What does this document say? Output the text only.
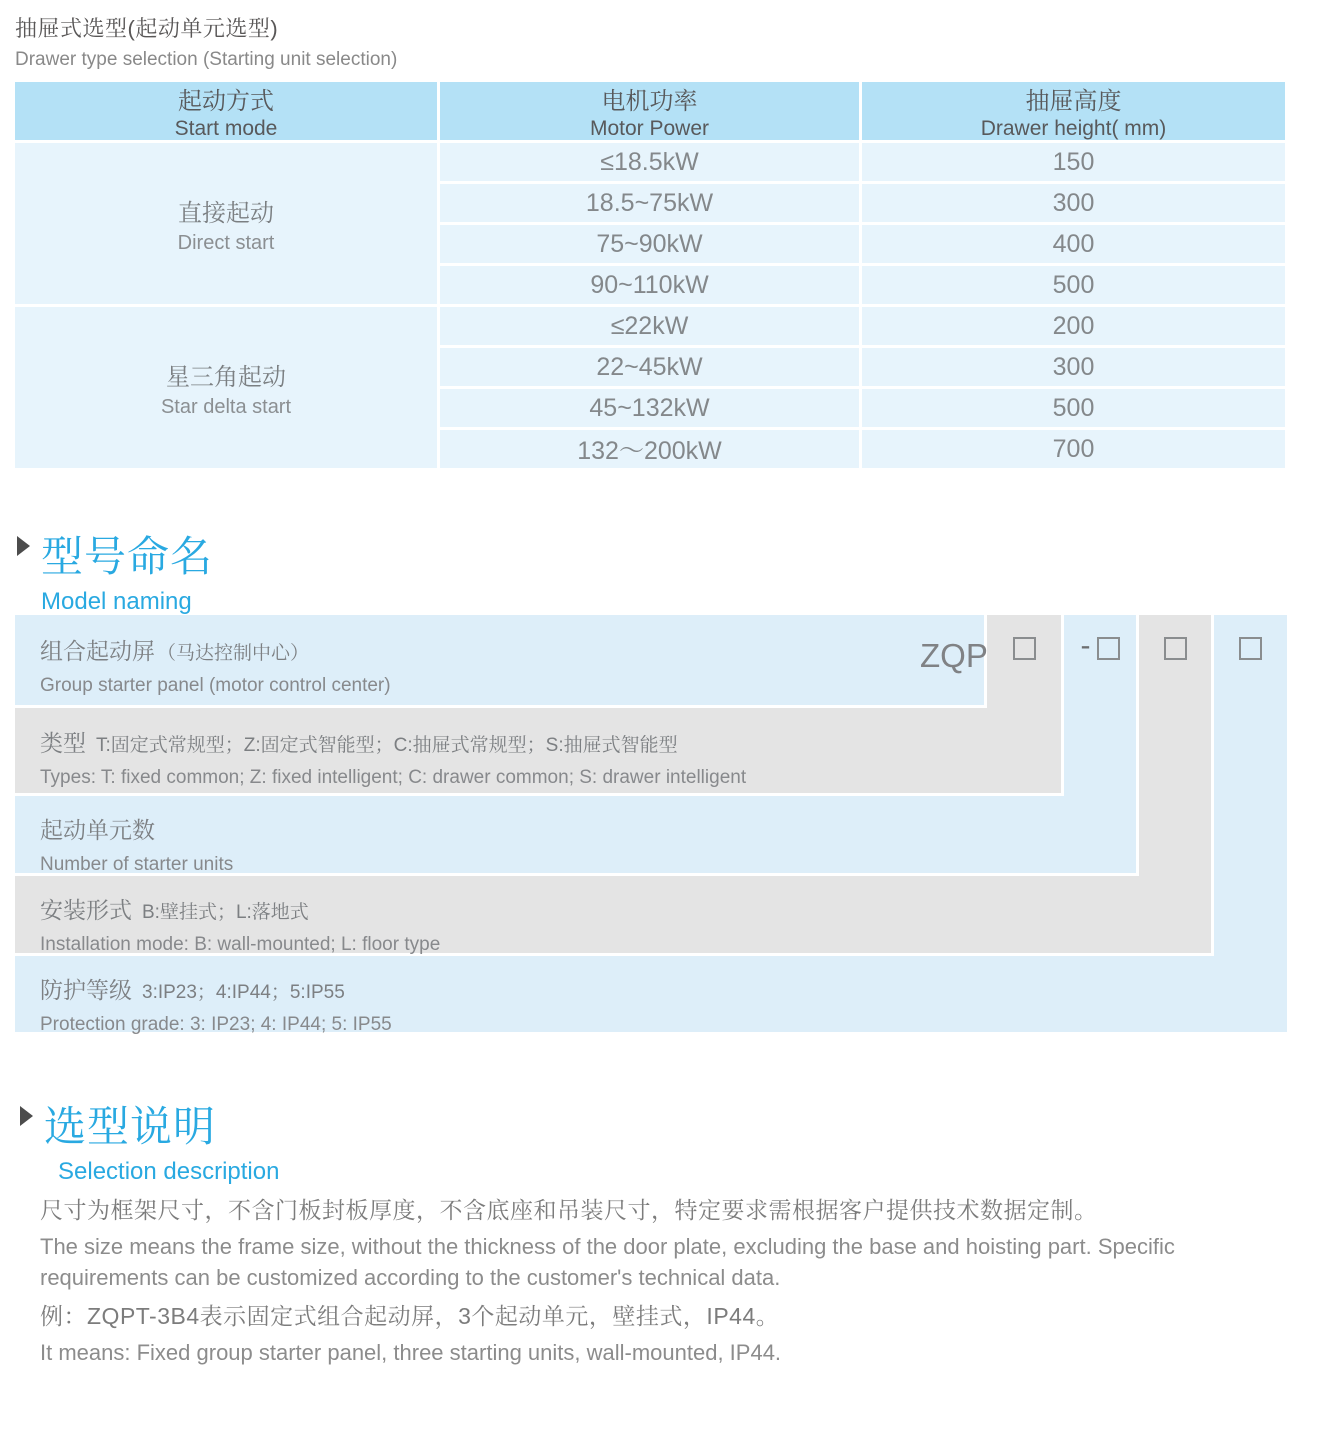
抽屉式选型(起动单元选型)
Drawer type selection (Starting unit selection)
起动方式
Start mode
电机功率
Motor Power
抽屉高度
Drawer height( mm)
直接起动
Direct start
≤18.5kW
18.5~75kW
75~90kW
90~110kW
150
300
400
500
星三角起动
Star delta start
≤22kW
22~45kW
45~132kW
132～200kW
200
300
500
700
型号命名
Model naming
-
ZQP
组合起动屏 （马达控制中心）
Group starter panel (motor control center)
类型 T:固定式常规型；Z:固定式智能型；C:抽屉式常规型；S:抽屉式智能型
Types: T: fixed common; Z: fixed intelligent; C: drawer common; S: drawer intelligent
起动单元数
Number of starter units
安装形式 B:壁挂式；L:落地式
Installation mode: B: wall-mounted; L: floor type
防护等级 3:IP23；4:IP44；5:IP55
Protection grade: 3: IP23; 4: IP44; 5: IP55
选型说明
Selection description
尺寸为框架尺寸，不含门板封板厚度，不含底座和吊装尺寸，特定要求需根据客户提供技术数据定制。
The size means the frame size, without the thickness of the door plate, excluding the base and hoisting part. Specific requirements can be customized according to the customer's technical data.
例：ZQPT-3B4表示固定式组合起动屏，3个起动单元，壁挂式，IP44。
It means: Fixed group starter panel, three starting units, wall-mounted, IP44.
